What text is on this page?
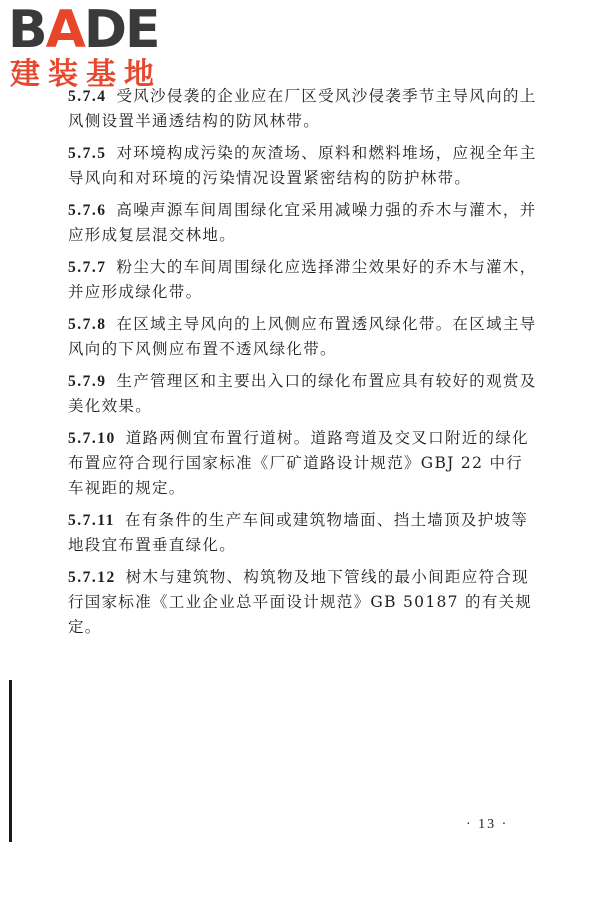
BADE
建装基地

5.7.4 受风沙侵袭的企业应在厂区受风沙侵袭季节主导风向的上风侧设置半通透结构的防风林带。

5.7.5 对环境构成污染的灰渣场、原料和燃料堆场，应视全年主导风向和对环境的污染情况设置紧密结构的防护林带。

5.7.6 高噪声源车间周围绿化宜采用减噪力强的乔木与灌木，并应形成复层混交林地。

5.7.7 粉尘大的车间周围绿化应选择滞尘效果好的乔木与灌木，并应形成绿化带。

5.7.8 在区域主导风向的上风侧应布置透风绿化带。在区域主导风向的下风侧应布置不透风绿化带。

5.7.9 生产管理区和主要出入口的绿化布置应具有较好的观赏及美化效果。

5.7.10 道路两侧宜布置行道树。道路弯道及交叉口附近的绿化布置应符合现行国家标准《厂矿道路设计规范》GBJ 22 中行车视距的规定。

5.7.11 在有条件的生产车间或建筑物墙面、挡土墙顶及护坡等地段宜布置垂直绿化。

5.7.12 树木与建筑物、构筑物及地下管线的最小间距应符合现行国家标准《工业企业总平面设计规范》GB 50187 的有关规定。

· 13 ·
